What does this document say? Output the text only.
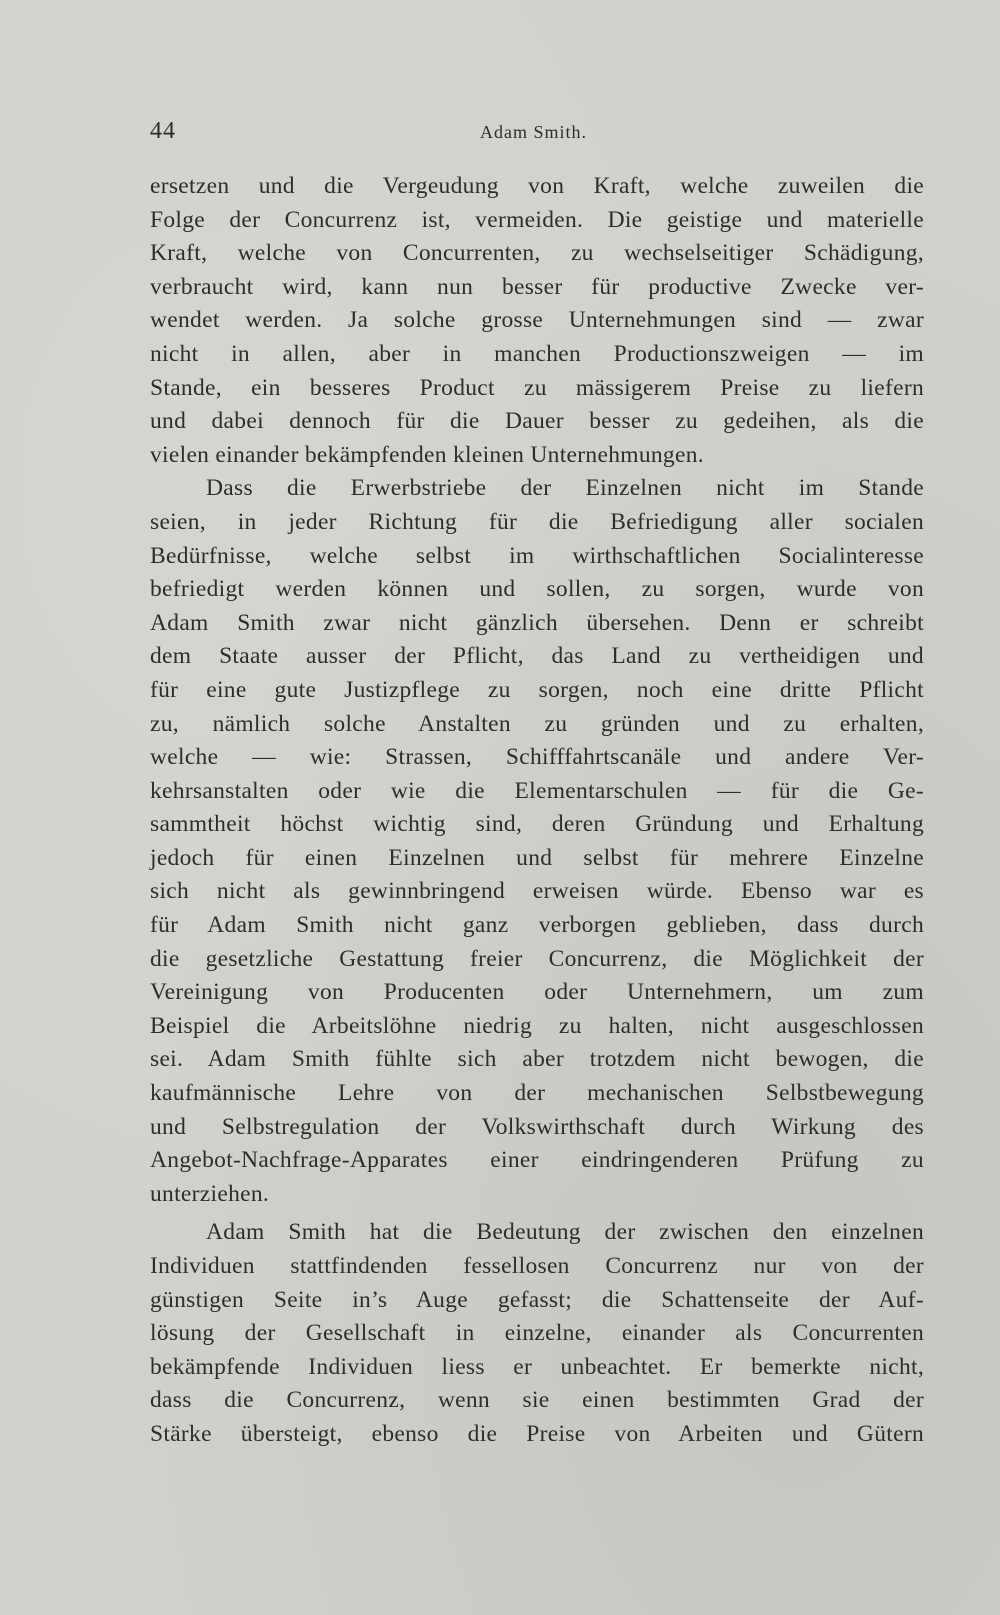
44	Adam Smith.
ersetzen und die Vergeudung von Kraft, welche zuweilen die
Folge der Concurrenz ist, vermeiden. Die geistige und materielle
Kraft, welche von Concurrenten, zu wechselseitiger Schädigung,
verbraucht wird, kann nun besser für productive Zwecke ver-
wendet werden. Ja solche grosse Unternehmungen sind — zwar
nicht in allen, aber in manchen Productionszweigen — im
Stande, ein besseres Product zu mässigerem Preise zu liefern
und dabei dennoch für die Dauer besser zu gedeihen, als die
vielen einander bekämpfenden kleinen Unternehmungen.
Dass die Erwerbstriebe der Einzelnen nicht im Stande
seien, in jeder Richtung für die Befriedigung aller socialen
Bedürfnisse, welche selbst im wirthschaftlichen Socialinteresse
befriedigt werden können und sollen, zu sorgen, wurde von
Adam Smith zwar nicht gänzlich übersehen. Denn er schreibt
dem Staate ausser der Pflicht, das Land zu vertheidigen und
für eine gute Justizpflege zu sorgen, noch eine dritte Pflicht
zu, nämlich solche Anstalten zu gründen und zu erhalten,
welche — wie: Strassen, Schifffahrtscanäle und andere Ver-
kehrsanstalten oder wie die Elementarschulen — für die Ge-
sammtheit höchst wichtig sind, deren Gründung und Erhaltung
jedoch für einen Einzelnen und selbst für mehrere Einzelne
sich nicht als gewinnbringend erweisen würde. Ebenso war es
für Adam Smith nicht ganz verborgen geblieben, dass durch
die gesetzliche Gestattung freier Concurrenz, die Möglichkeit der
Vereinigung von Producenten oder Unternehmern, um zum
Beispiel die Arbeitslöhne niedrig zu halten, nicht ausgeschlossen
sei. Adam Smith fühlte sich aber trotzdem nicht bewogen, die
kaufmännische Lehre von der mechanischen Selbstbewegung
und Selbstregulation der Volkswirthschaft durch Wirkung des
Angebot-Nachfrage-Apparates einer eindringenderen Prüfung zu
unterziehen.
Adam Smith hat die Bedeutung der zwischen den einzelnen
Individuen stattfindenden fessellosen Concurrenz nur von der
günstigen Seite in’s Auge gefasst; die Schattenseite der Auf-
lösung der Gesellschaft in einzelne, einander als Concurrenten
bekämpfende Individuen liess er unbeachtet. Er bemerkte nicht,
dass die Concurrenz, wenn sie einen bestimmten Grad der
Stärke übersteigt, ebenso die Preise von Arbeiten und Gütern
